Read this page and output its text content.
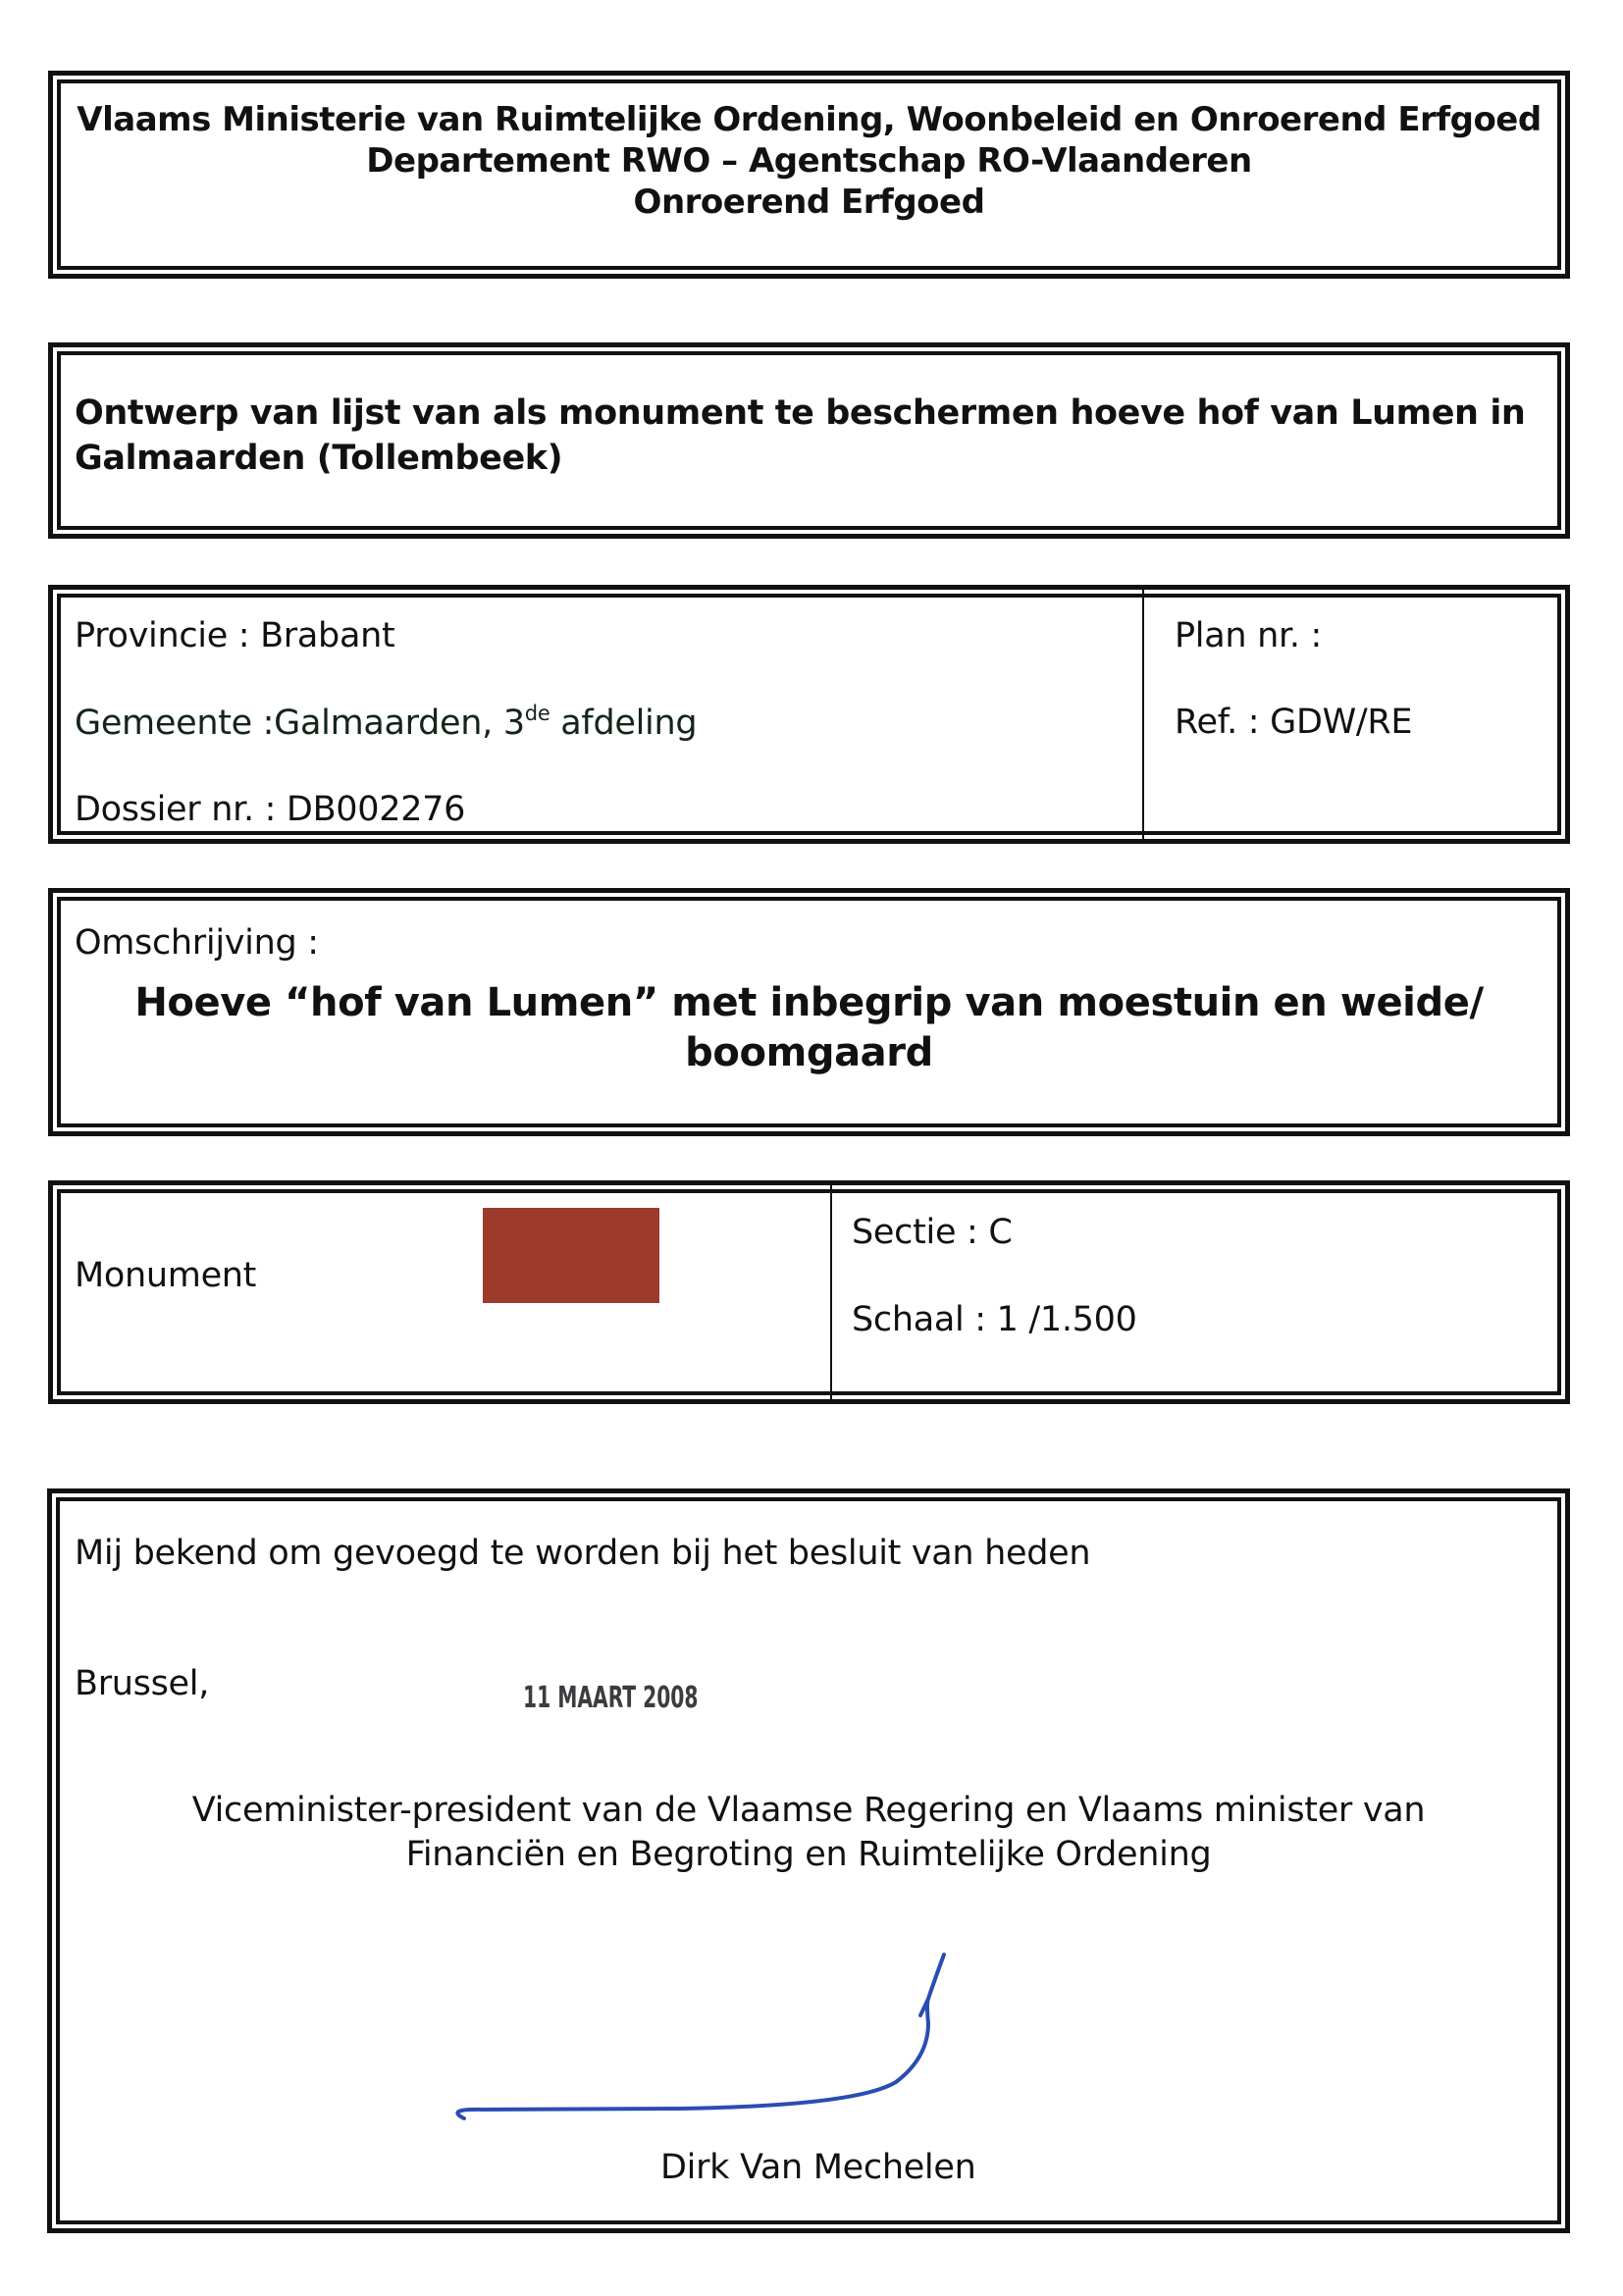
Vlaams Ministerie van Ruimtelijke Ordening, Woonbeleid en Onroerend Erfgoed
Departement RWO – Agentschap RO-Vlaanderen
Onroerend Erfgoed
Ontwerp van lijst van als monument te beschermen hoeve hof van Lumen in
Galmaarden (Tollembeek)
Provincie : Brabant
Gemeente :Galmaarden, 3de afdeling
Dossier nr. : DB002276
Plan nr. :
Ref. : GDW/RE
Omschrijving :
Hoeve “hof van Lumen” met inbegrip van moestuin en weide/
boomgaard
Monument
Sectie : C
Schaal : 1 /1.500
Mij bekend om gevoegd te worden bij het besluit van heden
Brussel,	11 MAART 2008
Viceminister-president van de Vlaamse Regering en Vlaams minister van
Financiën en Begroting en Ruimtelijke Ordening
Dirk Van Mechelen
